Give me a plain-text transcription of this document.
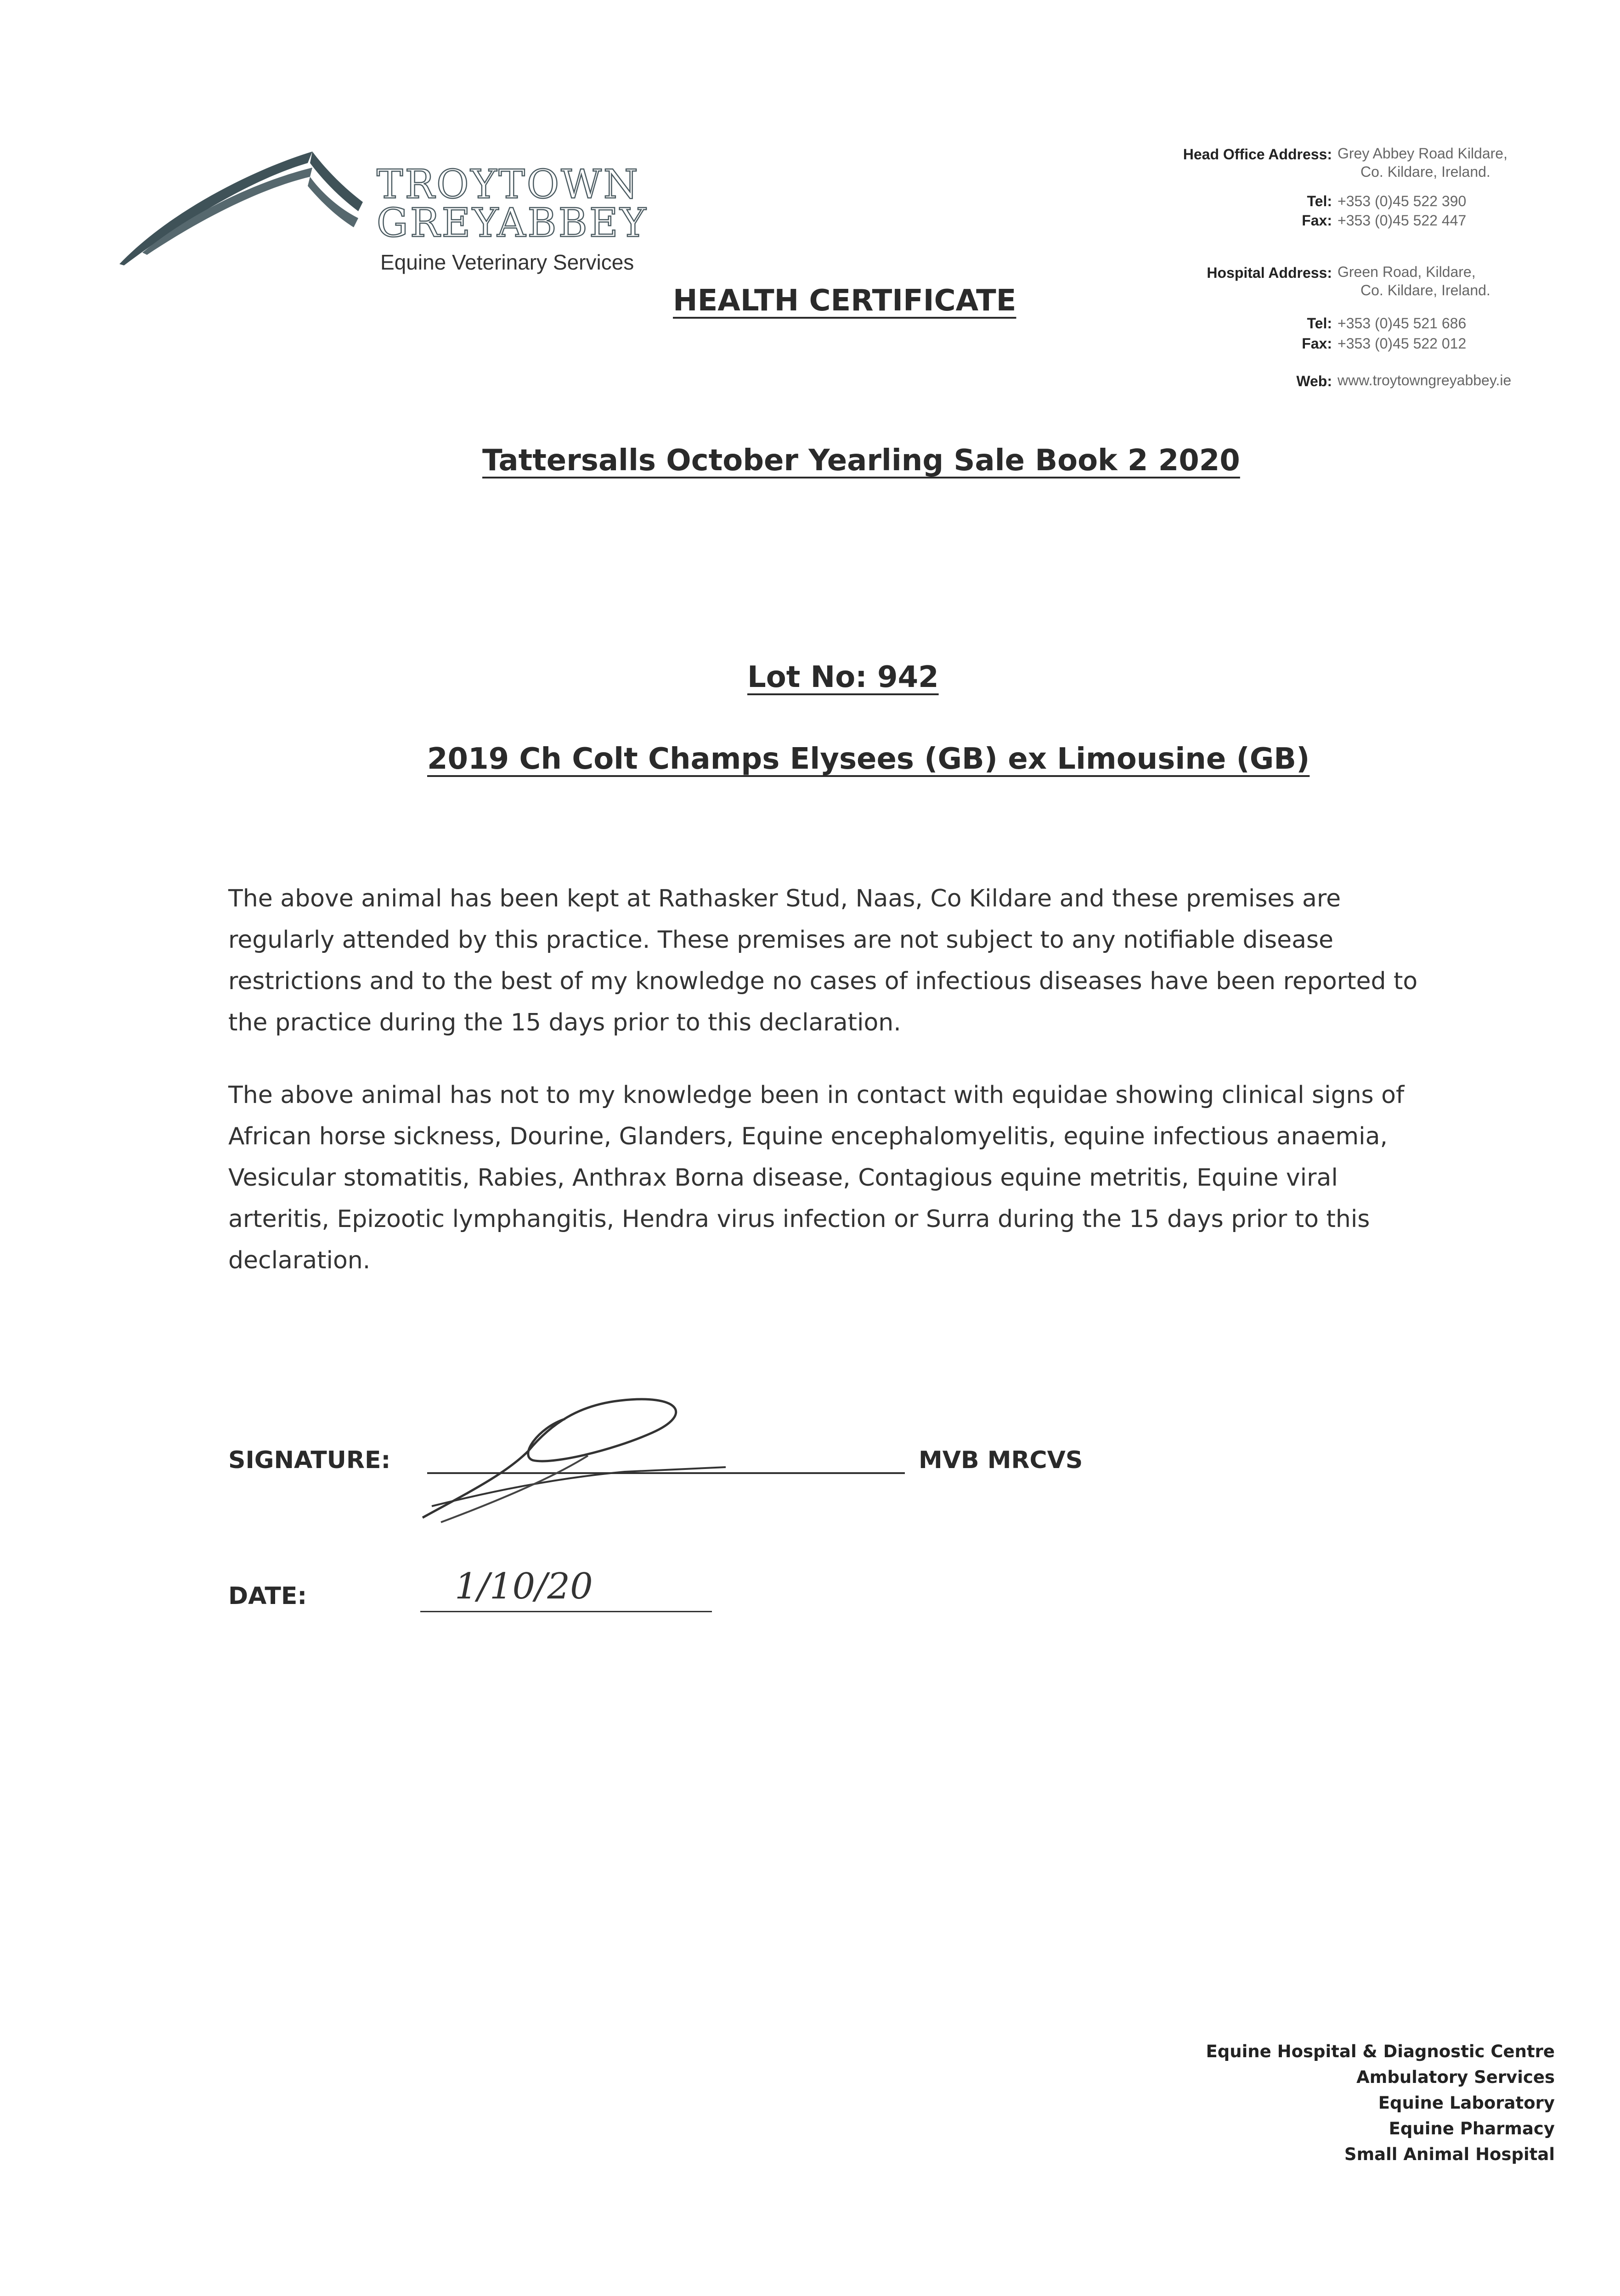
TROYTOWN
GREYABBEY
Equine Veterinary Services
Head Office Address: Grey Abbey Road Kildare,
Co. Kildare, Ireland.
Tel: +353 (0)45 522 390
Fax: +353 (0)45 522 447
Hospital Address: Green Road, Kildare,
Co. Kildare, Ireland.
Tel: +353 (0)45 521 686
Fax: +353 (0)45 522 012
Web: www.troytowngreyabbey.ie
HEALTH CERTIFICATE
Tattersalls October Yearling Sale Book 2 2020
Lot No: 942
2019 Ch Colt Champs Elysees (GB) ex Limousine (GB)
The above animal has been kept at Rathasker Stud, Naas, Co Kildare and these premises are regularly attended by this practice. These premises are not subject to any notifiable disease restrictions and to the best of my knowledge no cases of infectious diseases have been reported to the practice during the 15 days prior to this declaration.
The above animal has not to my knowledge been in contact with equidae showing clinical signs of African horse sickness, Dourine, Glanders, Equine encephalomyelitis, equine infectious anaemia, Vesicular stomatitis, Rabies, Anthrax Borna disease, Contagious equine metritis, Equine viral arteritis, Epizootic lymphangitis, Hendra virus infection or Surra during the 15 days prior to this declaration.
SIGNATURE:	MVB MRCVS
DATE:	1/10/20
Equine Hospital & Diagnostic Centre
Ambulatory Services
Equine Laboratory
Equine Pharmacy
Small Animal Hospital
